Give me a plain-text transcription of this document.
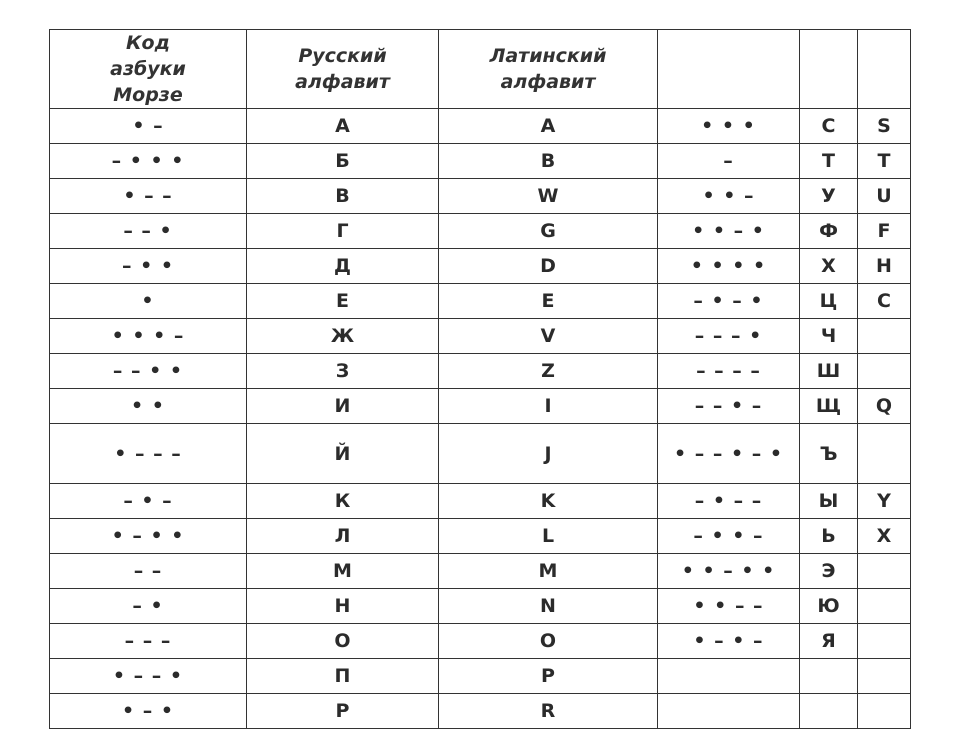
Код азбуки Морзе	Русский алфавит	Латинский алфавит			
• –	А	A	• • •	С	S
– • • •	Б	B	–	Т	T
• – –	В	W	• • –	У	U
– – •	Г	G	• • – •	Ф	F
– • •	Д	D	• • • •	Х	H
•	Е	E	– • – •	Ц	C
• • • –	Ж	V	– – – •	Ч	
– – • •	З	Z	– – – –	Ш	
• •	И	I	– – • –	Щ	Q
• – – –	Й	J	• – – • – •	Ъ	
– • –	К	K	– • – –	Ы	Y
• – • •	Л	L	– • • –	Ь	X
– –	М	M	• • – • •	Э	
– •	Н	N	• • – –	Ю	
– – –	О	O	• – • –	Я	
• – – •	П	P			
• – •	Р	R			
